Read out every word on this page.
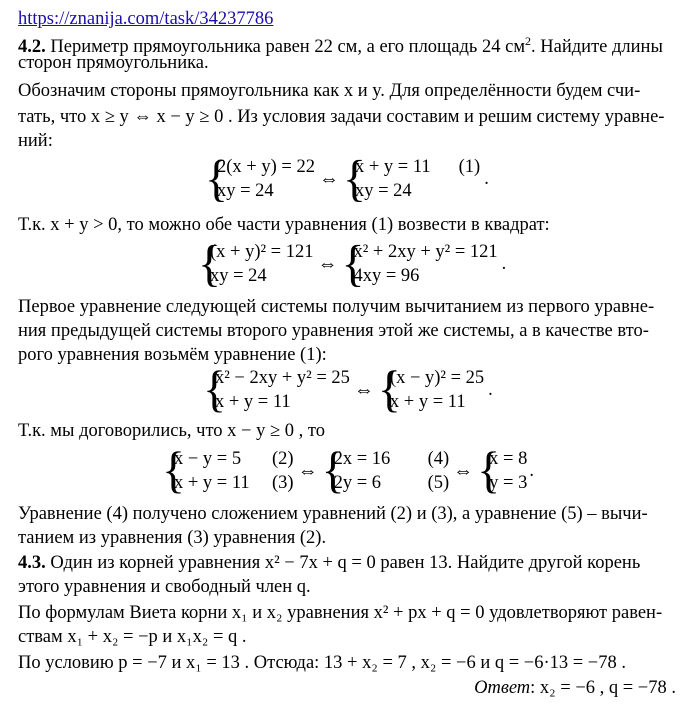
https://znanija.com/task/34237786
4.2. Периметр прямоугольника равен 22 см, а его площадь 24 $см^2$. Найдите длины
сторон прямоугольника.
Обозначим стороны прямоугольника как x и y. Для определённости будем счи-
тать, что x ≥ y ⇔ x − y ≥ 0 . Из условия задачи составим и решим систему уравне-
ний:
{
2(x + y) = 22
xy = 24
⇔ {
x + y = 11 (1)
xy = 24
.
Т.к. x + y > 0, то можно обе части уравнения (1) возвести в квадрат:
{
(x + y)² = 121
xy = 24
⇔ {
x² + 2xy + y² = 121
4xy = 96
.
Первое уравнение следующей системы получим вычитанием из первого уравне-
ния предыдущей системы второго уравнения этой же системы, а в качестве вто-
рого уравнения возьмём уравнение (1):
{
x² − 2xy + y² = 25
x + y = 11
⇔ {
(x − y)² = 25
x + y = 11
.
Т.к. мы договорились, что x − y ≥ 0 , то
{
x − y = 5 (2)
x + y = 11 (3)
⇔ {
2x = 16 (4)
2y = 6	(5)
⇔ {
x = 8
y = 3
.
Уравнение (4) получено сложением уравнений (2) и (3), а уравнение (5) – вычи-
танием из уравнения (3) уравнения (2).
4.3. Один из корней уравнения x² − 7x + q = 0 равен 13. Найдите другой корень
этого уравнения и свободный член q.
По формулам Виета корни x₁ и x₂ уравнения x² + px + q = 0 удовлетворяют равен-
ствам x₁ + x₂ = −p и x₁x₂ = q .
По условию p = −7 и x₁ = 13 . Отсюда: 13 + x₂ = 7 , x₂ = −6 и q = −6·13 = −78 .
Ответ: x₂ = −6 , q = −78 .
